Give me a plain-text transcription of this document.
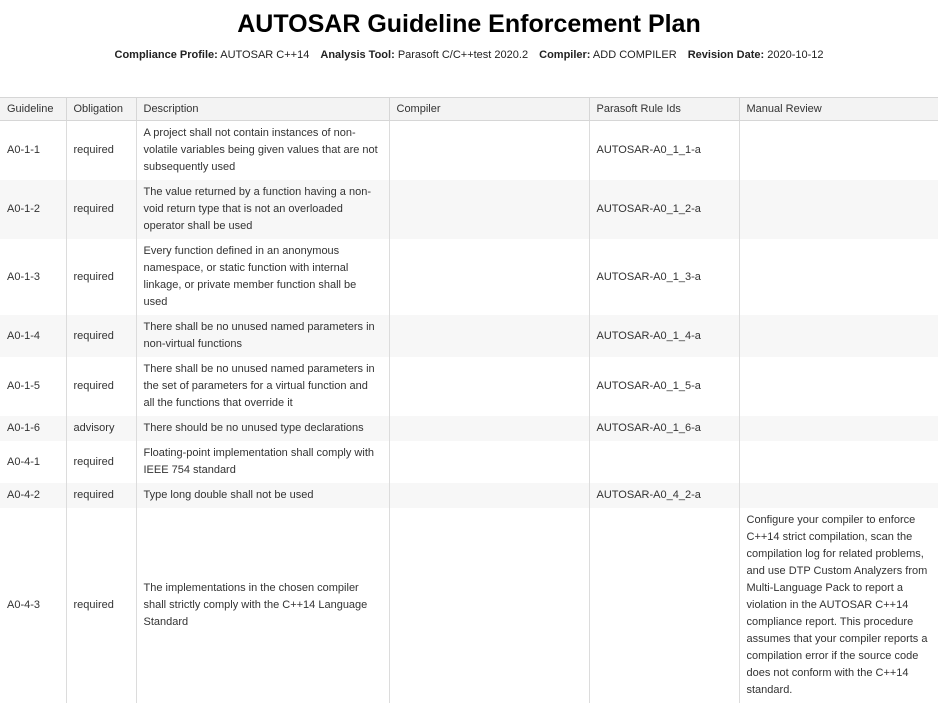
AUTOSAR Guideline Enforcement Plan
Compliance Profile: AUTOSAR C++14 Analysis Tool: Parasoft C/C++test 2020.2 Compiler: ADD COMPILER Revision Date: 2020-10-12
Guideline	Obligation	Description	Compiler	Parasoft Rule Ids	Manual Review
A0-1-1	required	A project shall not contain instances of non-volatile variables being given values that are not subsequently used		AUTOSAR-A0_1_1-a	
A0-1-2	required	The value returned by a function having a non-void return type that is not an overloaded operator shall be used		AUTOSAR-A0_1_2-a	
A0-1-3	required	Every function defined in an anonymous namespace, or static function with internal linkage, or private member function shall be used		AUTOSAR-A0_1_3-a	
A0-1-4	required	There shall be no unused named parameters in non-virtual functions		AUTOSAR-A0_1_4-a	
A0-1-5	required	There shall be no unused named parameters in the set of parameters for a virtual function and all the functions that override it		AUTOSAR-A0_1_5-a	
A0-1-6	advisory	There should be no unused type declarations		AUTOSAR-A0_1_6-a	
A0-4-1	required	Floating-point implementation shall comply with IEEE 754 standard			
A0-4-2	required	Type long double shall not be used		AUTOSAR-A0_4_2-a	
A0-4-3	required	The implementations in the chosen compiler shall strictly comply with the C++14 Language Standard			Configure your compiler to enforce C++14 strict compilation, scan the compilation log for related problems, and use DTP Custom Analyzers from Multi-Language Pack to report a violation in the AUTOSAR C++14 compliance report. This procedure assumes that your compiler reports a compilation error if the source code does not conform with the C++14 standard.
